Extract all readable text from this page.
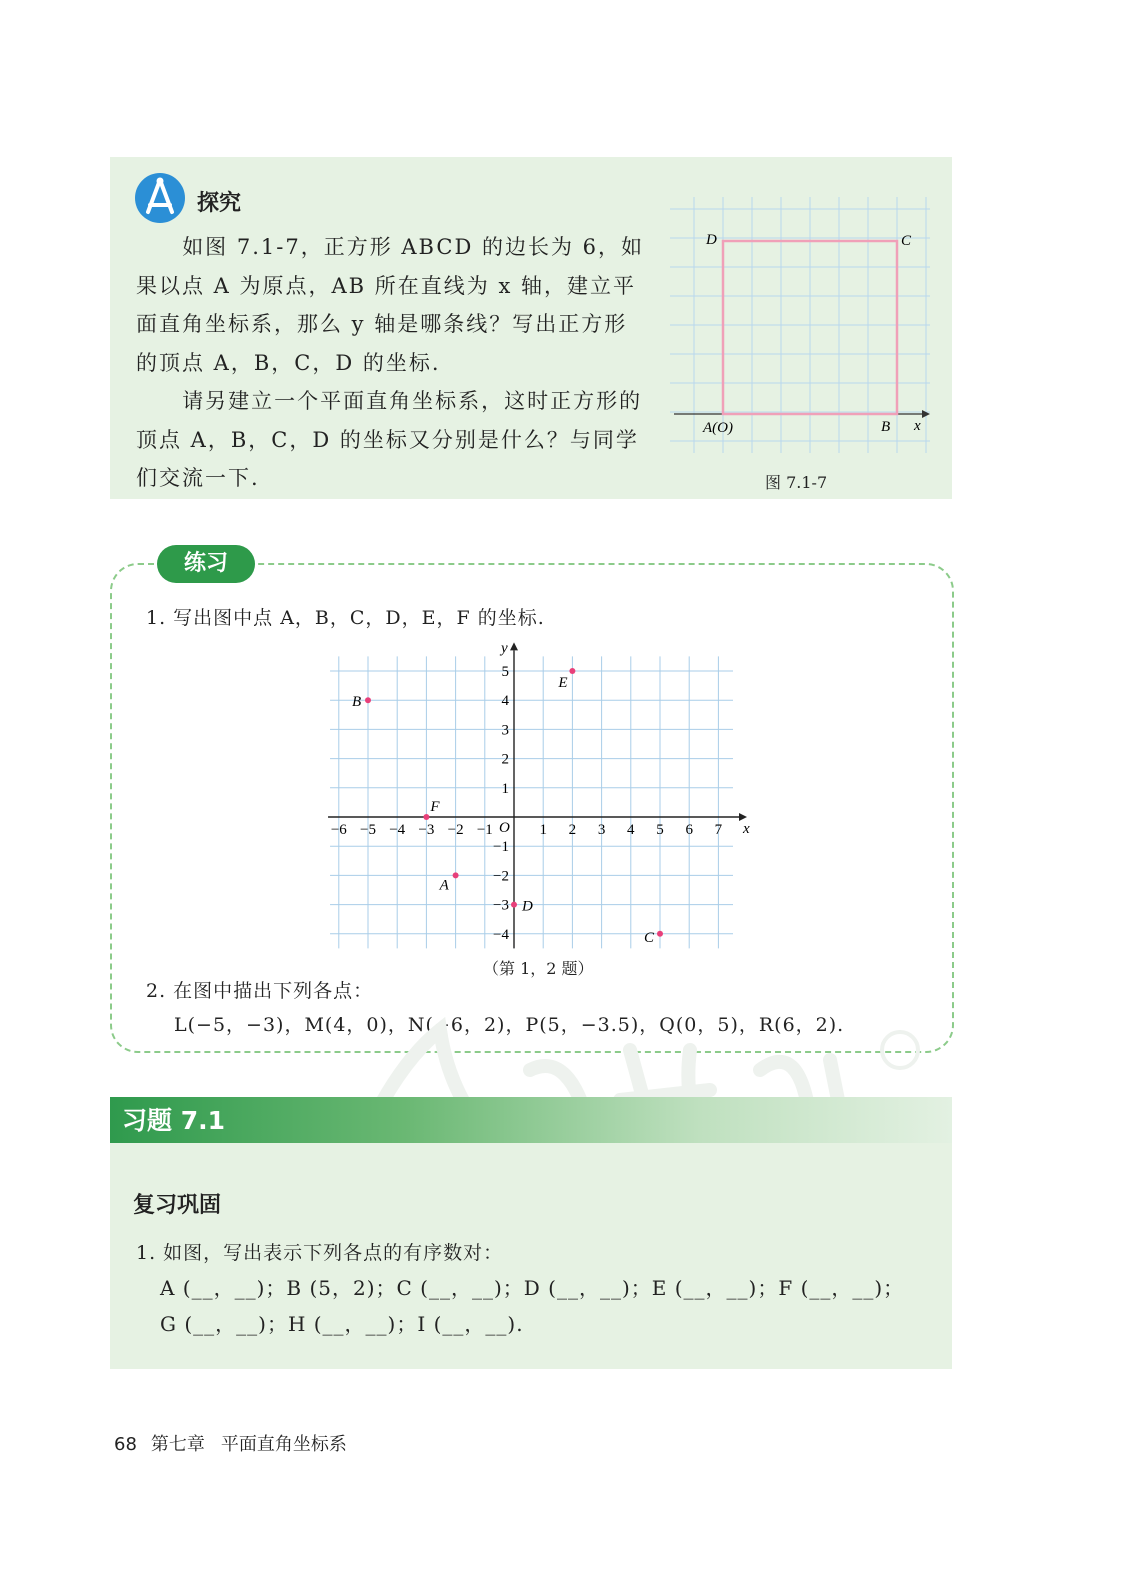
探究

如图 7.1-7，正方形 ABCD 的边长为 6，如果以点 A 为原点，AB 所在直线为 x 轴，建立平面直角坐标系，那么 y 轴是哪条线？写出正方形的顶点 A，B，C，D 的坐标.

请另建立一个平面直角坐标系，这时正方形的顶点 A，B，C，D 的坐标又分别是什么？与同学们交流一下.

D	C
A(O)	B x
图 7.1-7
练习
1. 写出图中点 A，B，C，D，E，F 的坐标.
x
y
O
−6 −5 −4 −3 −2 −1	1 2 3 4 5 6 7
5
4
3
2
1
−1
−2
−3
−4
B
E
F
A
D
C
（第 1，2 题）
2. 在图中描出下列各点：
L(−5，−3)，M(4，0)，N(−6，2)，P(5，−3.5)，Q(0，5)，R(6，2).
习题 7.1
复习巩固
1. 如图，写出表示下列各点的有序数对：
A (__，__)；B (5，2)；C (__，__)；D (__，__)；E (__，__)；F (__，__)；
G (__，__)；H (__，__)；I (__，__).
68 第七章 平面直角坐标系
